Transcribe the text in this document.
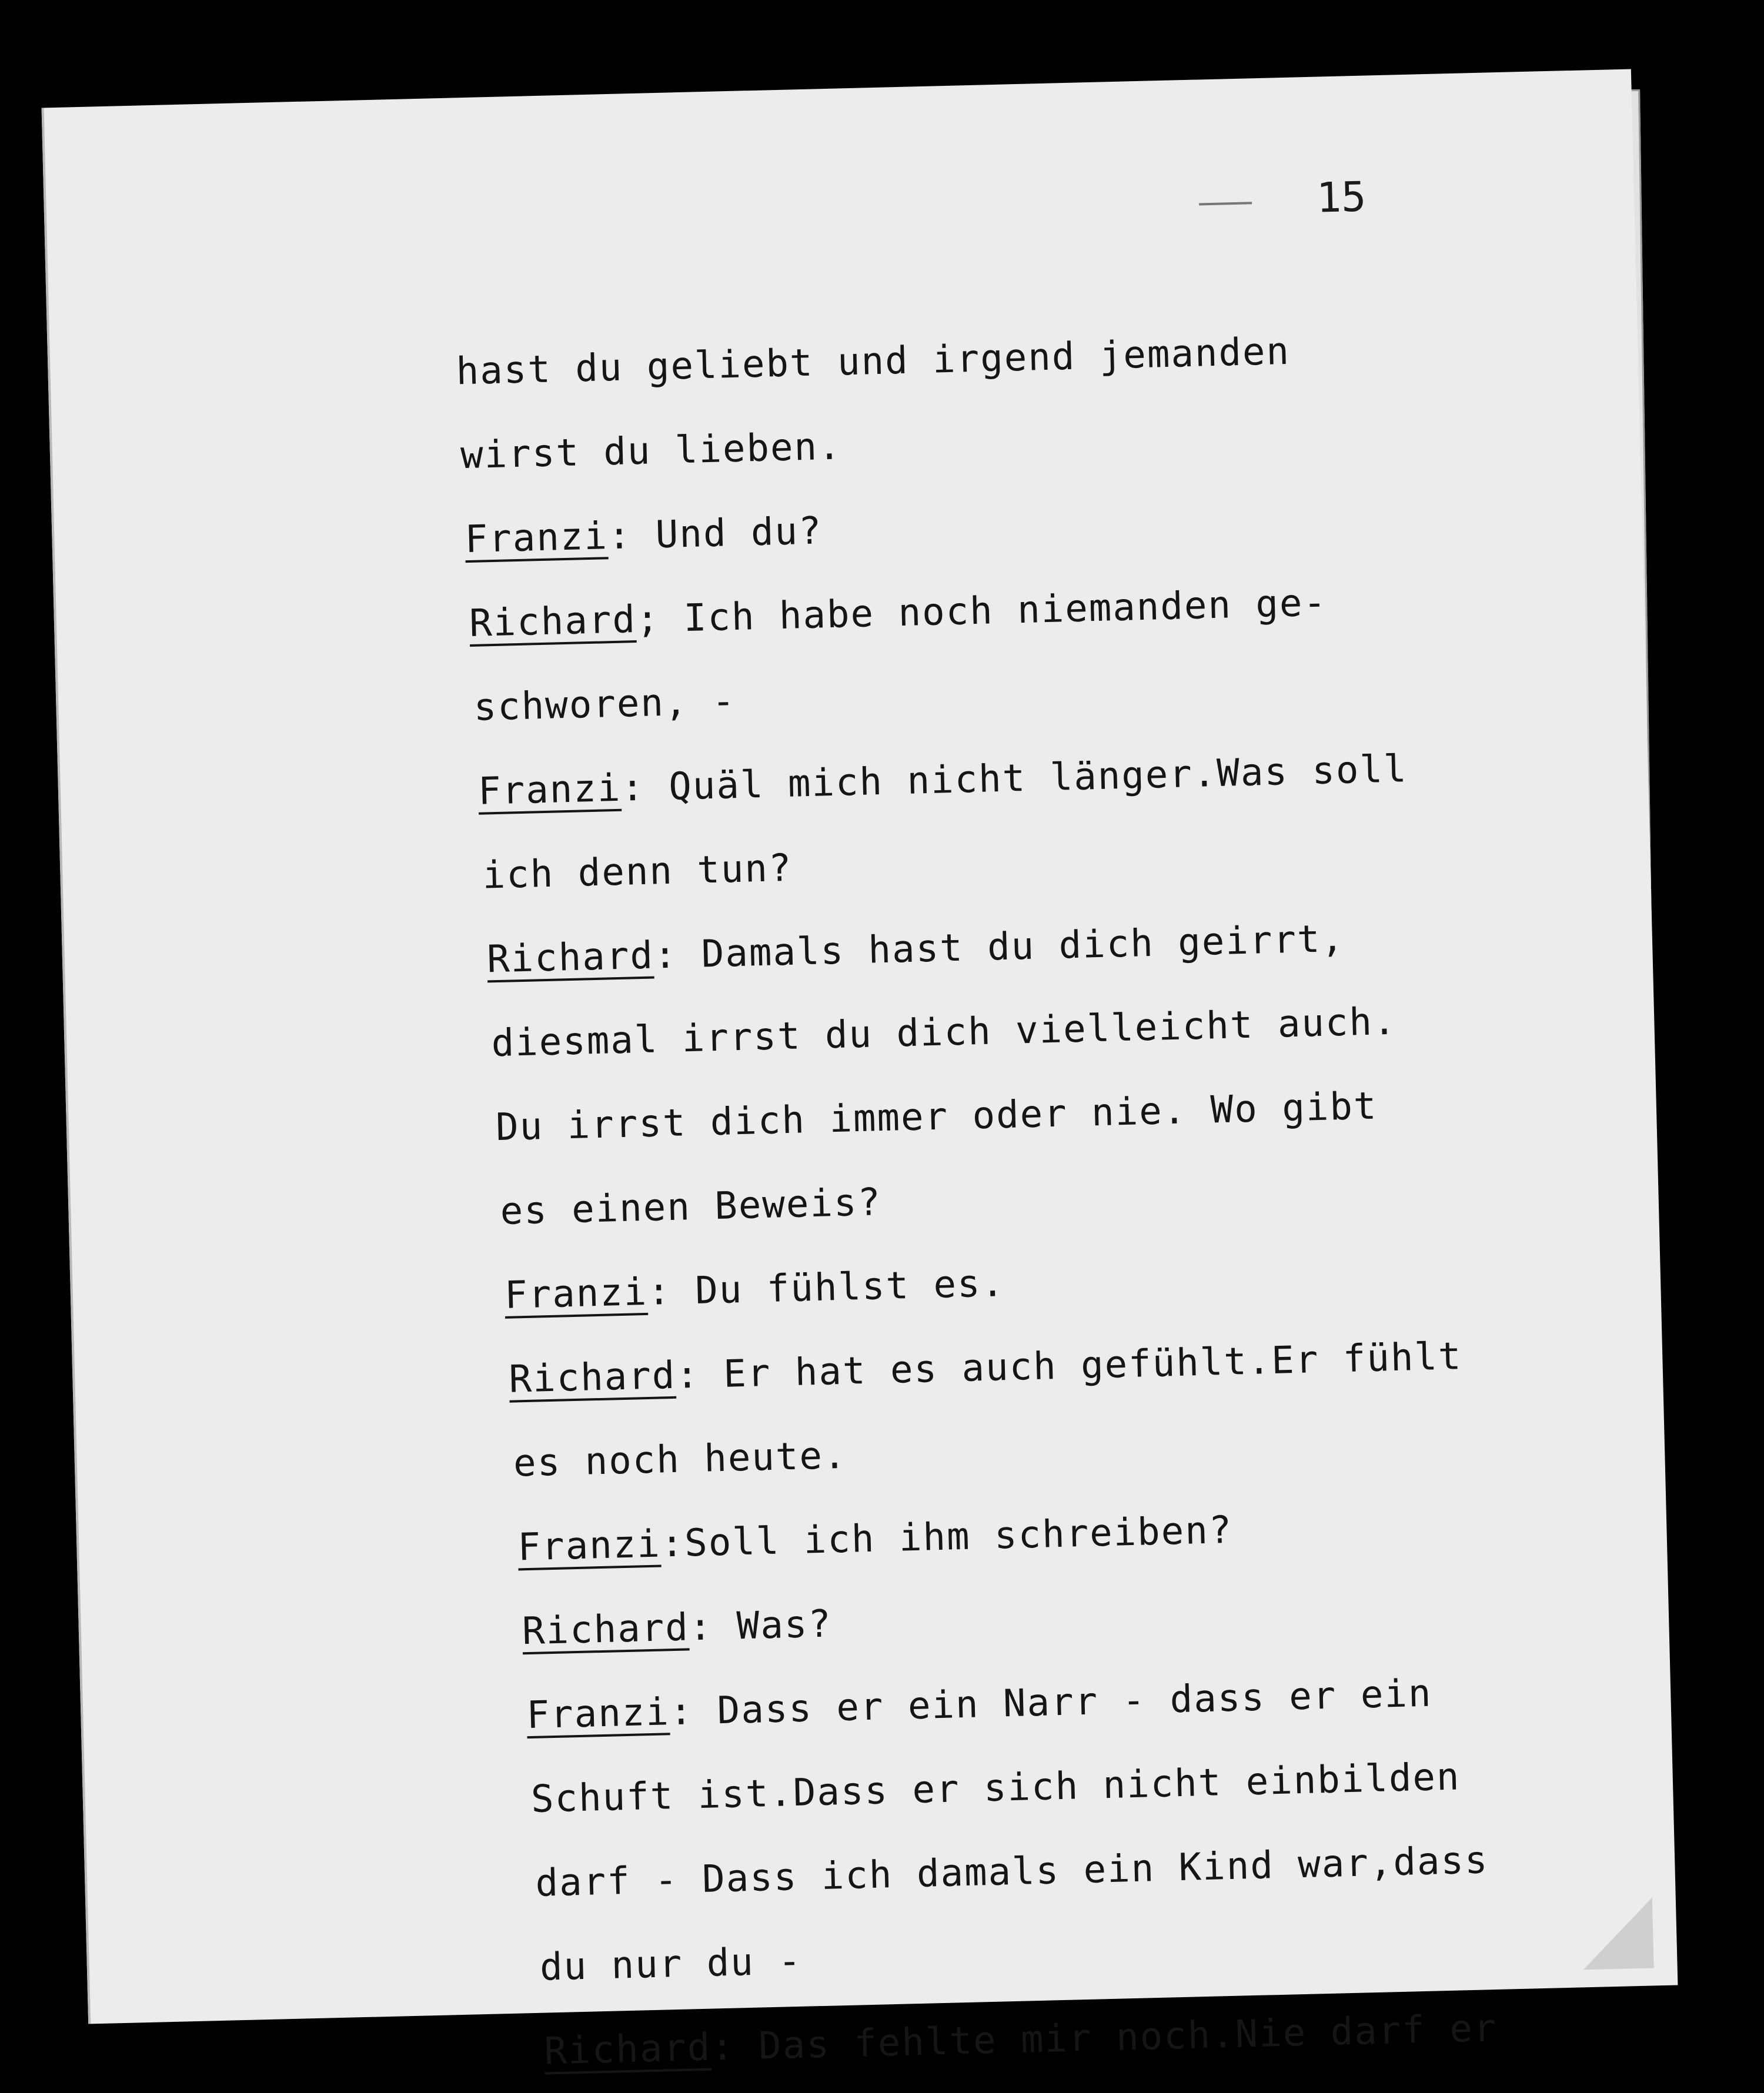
15
hast du geliebt und irgend jemanden
wirst du lieben.
Franzi: Und du?
Richard; Ich habe noch niemanden ge-
schworen, -
Franzi: Quäl mich nicht länger.Was soll
ich denn tun?
Richard: Damals hast du dich geirrt,
diesmal irrst du dich vielleicht auch.
Du irrst dich immer oder nie. Wo gibt
es einen Beweis?
Franzi: Du fühlst es.
Richard: Er hat es auch gefühlt.Er fühlt
es noch heute.
Franzi:Soll ich ihm schreiben?
Richard: Was?
Franzi: Dass er ein Narr - dass er ein
Schuft ist.Dass er sich nicht einbilden
darf - Dass ich damals ein Kind war,dass
du nur du -
Richard: Das fehlte mir noch.Nie darf er
